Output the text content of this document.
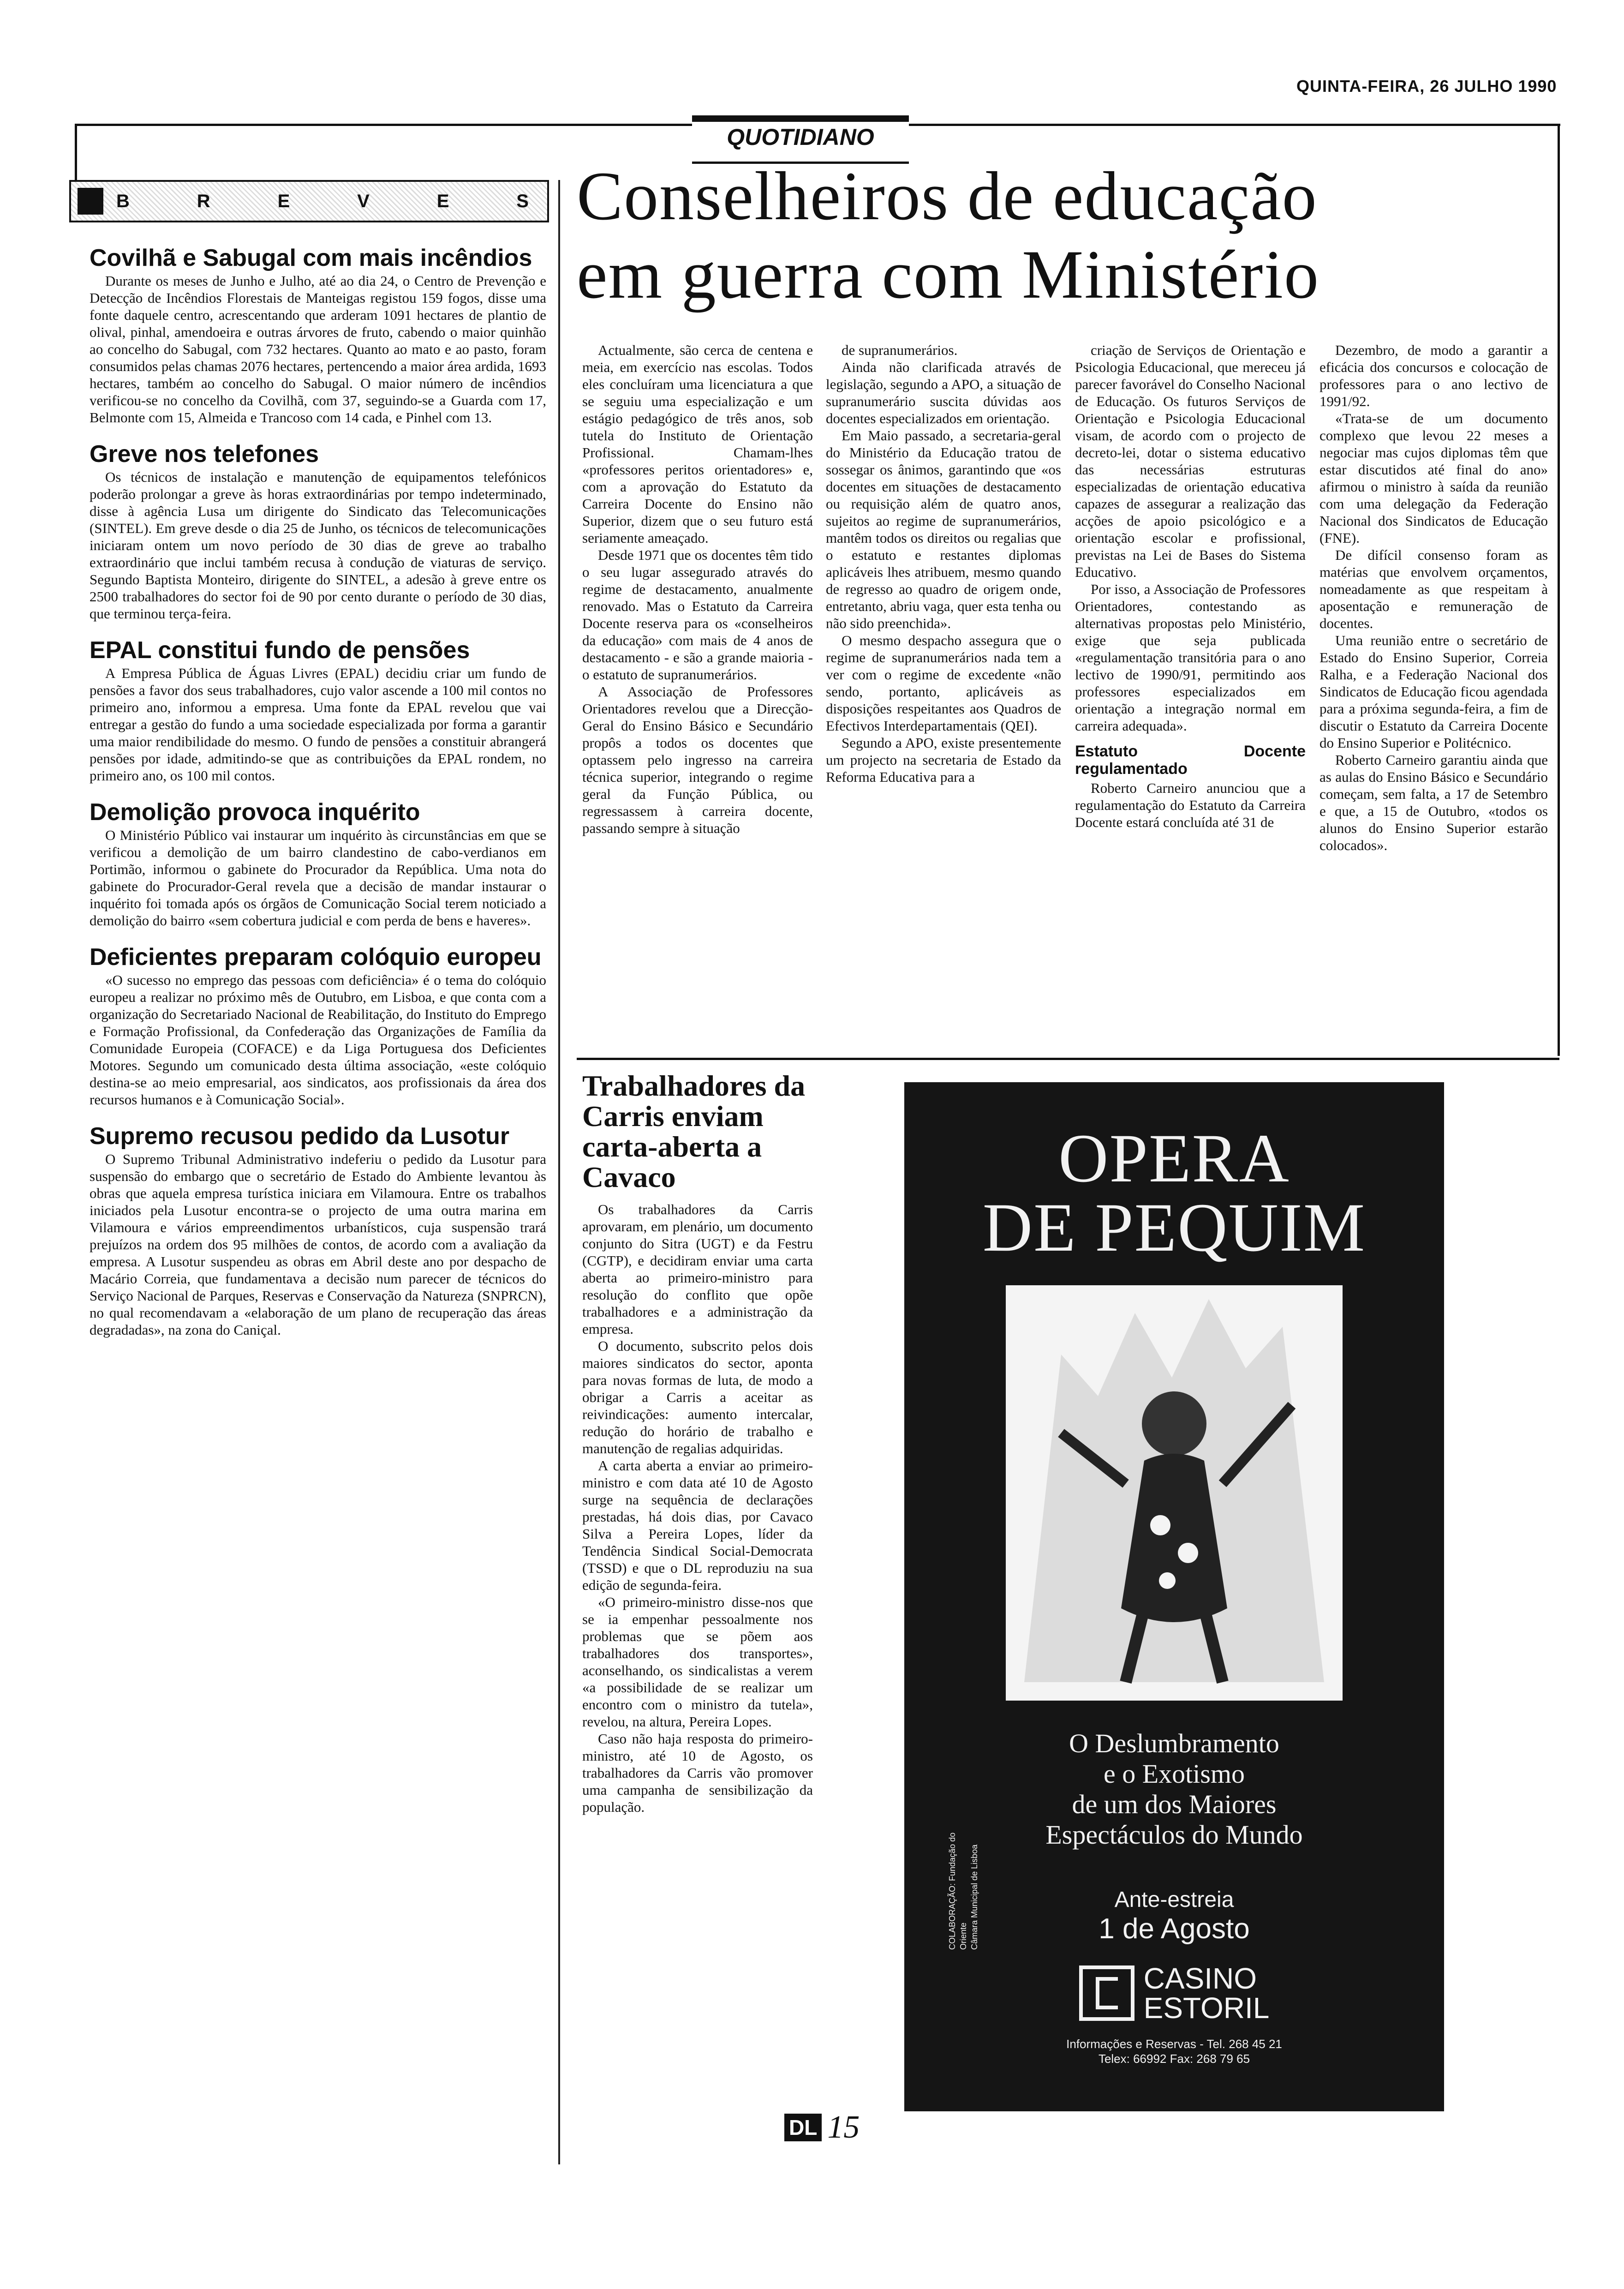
QUINTA-FEIRA, 26 JULHO 1990
QUOTIDIANO
B	R	E	V	E	S
Covilhã e Sabugal com mais incêndios

Durante os meses de Junho e Julho, até ao dia 24, o Centro de Prevenção e Detecção de Incêndios Florestais de Manteigas registou 159 fogos, disse uma fonte daquele centro, acrescentando que arderam 1091 hectares de plantio de olival, pinhal, amendoeira e outras árvores de fruto, cabendo o maior quinhão ao concelho do Sabugal, com 732 hectares. Quanto ao mato e ao pasto, foram consumidos pelas chamas 2076 hectares, pertencendo a maior área ardida, 1693 hectares, também ao concelho do Sabugal. O maior número de incêndios verificou-se no concelho da Covilhã, com 37, seguindo-se a Guarda com 17, Belmonte com 15, Almeida e Trancoso com 14 cada, e Pinhel com 13.

Greve nos telefones

Os técnicos de instalação e manutenção de equipamentos telefónicos poderão prolongar a greve às horas extraordinárias por tempo indeterminado, disse à agência Lusa um dirigente do Sindicato das Telecomunicações (SINTEL). Em greve desde o dia 25 de Junho, os técnicos de telecomunicações iniciaram ontem um novo período de 30 dias de greve ao trabalho extraordinário que inclui também recusa à condução de viaturas de serviço. Segundo Baptista Monteiro, dirigente do SINTEL, a adesão à greve entre os 2500 trabalhadores do sector foi de 90 por cento durante o período de 30 dias, que terminou terça-feira.

EPAL constitui fundo de pensões

A Empresa Pública de Águas Livres (EPAL) decidiu criar um fundo de pensões a favor dos seus trabalhadores, cujo valor ascende a 100 mil contos no primeiro ano, informou a empresa. Uma fonte da EPAL revelou que vai entregar a gestão do fundo a uma sociedade especializada por forma a garantir uma maior rendibilidade do mesmo. O fundo de pensões a constituir abrangerá pensões por idade, admitindo-se que as contribuições da EPAL rondem, no primeiro ano, os 100 mil contos.

Demolição provoca inquérito

O Ministério Público vai instaurar um inquérito às circunstâncias em que se verificou a demolição de um bairro clandestino de cabo-verdianos em Portimão, informou o gabinete do Procurador da República. Uma nota do gabinete do Procurador-Geral revela que a decisão de mandar instaurar o inquérito foi tomada após os órgãos de Comunicação Social terem noticiado a demolição do bairro «sem cobertura judicial e com perda de bens e haveres».

Deficientes preparam colóquio europeu

«O sucesso no emprego das pessoas com deficiência» é o tema do colóquio europeu a realizar no próximo mês de Outubro, em Lisboa, e que conta com a organização do Secretariado Nacional de Reabilitação, do Instituto do Emprego e Formação Profissional, da Confederação das Organizações de Família da Comunidade Europeia (COFACE) e da Liga Portuguesa dos Deficientes Motores. Segundo um comunicado desta última associação, «este colóquio destina-se ao meio empresarial, aos sindicatos, aos profissionais da área dos recursos humanos e à Comunicação Social».

Supremo recusou pedido da Lusotur

O Supremo Tribunal Administrativo indeferiu o pedido da Lusotur para suspensão do embargo que o secretário de Estado do Ambiente levantou às obras que aquela empresa turística iniciara em Vilamoura. Entre os trabalhos iniciados pela Lusotur encontra-se o projecto de uma outra marina em Vilamoura e vários empreendimentos urbanísticos, cuja suspensão trará prejuízos na ordem dos 95 milhões de contos, de acordo com a avaliação da empresa. A Lusotur suspendeu as obras em Abril deste ano por despacho de Macário Correia, que fundamentava a decisão num parecer de técnicos do Serviço Nacional de Parques, Reservas e Conservação da Natureza (SNPRCN), no qual recomendavam a «elaboração de um plano de recuperação das áreas degradadas», na zona do Caniçal.

Conselheiros de educação
em guerra com Ministério

Actualmente, são cerca de centena e meia, em exercício nas escolas. Todos eles concluíram uma licenciatura a que se seguiu uma especialização e um estágio pedagógico de três anos, sob tutela do Instituto de Orientação Profissional. Chamam-lhes «professores peritos orientadores» e, com a aprovação do Estatuto da Carreira Docente do Ensino não Superior, dizem que o seu futuro está seriamente ameaçado.

Desde 1971 que os docentes têm tido o seu lugar assegurado através do regime de destacamento, anualmente renovado. Mas o Estatuto da Carreira Docente reserva para os «conselheiros da educação» com mais de 4 anos de destacamento - e são a grande maioria - o estatuto de supranumerários.

A Associação de Professores Orientadores revelou que a Direcção-Geral do Ensino Básico e Secundário propôs a todos os docentes que optassem pelo ingresso na carreira técnica superior, integrando o regime geral da Função Pública, ou regressassem à carreira docente, passando sempre à situação

de supranumerários.

Ainda não clarificada através de legislação, segundo a APO, a situação de supranumerário suscita dúvidas aos docentes especializados em orientação.

Em Maio passado, a secretaria-geral do Ministério da Educação tratou de sossegar os ânimos, garantindo que «os docentes em situações de destacamento ou requisição além de quatro anos, sujeitos ao regime de supranumerários, mantêm todos os direitos ou regalias que o estatuto e restantes diplomas aplicáveis lhes atribuem, mesmo quando de regresso ao quadro de origem onde, entretanto, abriu vaga, quer esta tenha ou não sido preenchida».

O mesmo despacho assegura que o regime de supranumerários nada tem a ver com o regime de excedente «não sendo, portanto, aplicáveis as disposições respeitantes aos Quadros de Efectivos Interdepartamentais (QEI).

Segundo a APO, existe presentemente um projecto na secretaria de Estado da Reforma Educativa para a

criação de Serviços de Orientação e Psicologia Educacional, que mereceu já parecer favorável do Conselho Nacional de Educação. Os futuros Serviços de Orientação e Psicologia Educacional visam, de acordo com o projecto de decreto-lei, dotar o sistema educativo das necessárias estruturas especializadas de orientação educativa capazes de assegurar a realização das acções de apoio psicológico e a orientação escolar e profissional, previstas na Lei de Bases do Sistema Educativo.

Por isso, a Associação de Professores Orientadores, contestando as alternativas propostas pelo Ministério, exige que seja publicada «regulamentação transitória para o ano lectivo de 1990/91, permitindo aos professores especializados em orientação a integração normal em carreira adequada».

Estatuto Docente regulamentado

Roberto Carneiro anunciou que a regulamentação do Estatuto da Carreira Docente estará concluída até 31 de

Dezembro, de modo a garantir a eficácia dos concursos e colocação de professores para o ano lectivo de 1991/92.

«Trata-se de um documento complexo que levou 22 meses a negociar mas cujos diplomas têm que estar discutidos até final do ano» afirmou o ministro à saída da reunião com uma delegação da Federação Nacional dos Sindicatos de Educação (FNE).

De difícil consenso foram as matérias que envolvem orçamentos, nomeadamente as que respeitam à aposentação e remuneração de docentes.

Uma reunião entre o secretário de Estado do Ensino Superior, Correia Ralha, e a Federação Nacional dos Sindicatos de Educação ficou agendada para a próxima segunda-feira, a fim de discutir o Estatuto da Carreira Docente do Ensino Superior e Politécnico.

Roberto Carneiro garantiu ainda que as aulas do Ensino Básico e Secundário começam, sem falta, a 17 de Setembro e que, a 15 de Outubro, «todos os alunos do Ensino Superior estarão colocados».

Trabalhadores da Carris enviam carta-aberta a Cavaco

Os trabalhadores da Carris aprovaram, em plenário, um documento conjunto do Sitra (UGT) e da Festru (CGTP), e decidiram enviar uma carta aberta ao primeiro-ministro para resolução do conflito que opõe trabalhadores e a administração da empresa.

O documento, subscrito pelos dois maiores sindicatos do sector, aponta para novas formas de luta, de modo a obrigar a Carris a aceitar as reivindicações: aumento intercalar, redução do horário de trabalho e manutenção de regalias adquiridas.

A carta aberta a enviar ao primeiro-ministro e com data até 10 de Agosto surge na sequência de declarações prestadas, há dois dias, por Cavaco Silva a Pereira Lopes, líder da Tendência Sindical Social-Democrata (TSSD) e que o DL reproduziu na sua edição de segunda-feira.

«O primeiro-ministro disse-nos que se ia empenhar pessoalmente nos problemas que se põem aos trabalhadores dos transportes», aconselhando, os sindicalistas a verem «a possibilidade de se realizar um encontro com o ministro da tutela», revelou, na altura, Pereira Lopes.

Caso não haja resposta do primeiro-ministro, até 10 de Agosto, os trabalhadores da Carris vão promover uma campanha de sensibilização da população.

OPERA
DE PEQUIM
O Deslumbramento
e o Exotismo
de um dos Maiores
Espectáculos do Mundo
Ante-estreia
1 de Agosto
CASINO
ESTORIL
Informações e Reservas - Tel. 268 45 21
Telex: 66992 Fax: 268 79 65
COLABORAÇÃO: Fundação do Oriente Câmara Municipal de Lisboa
DL 15
